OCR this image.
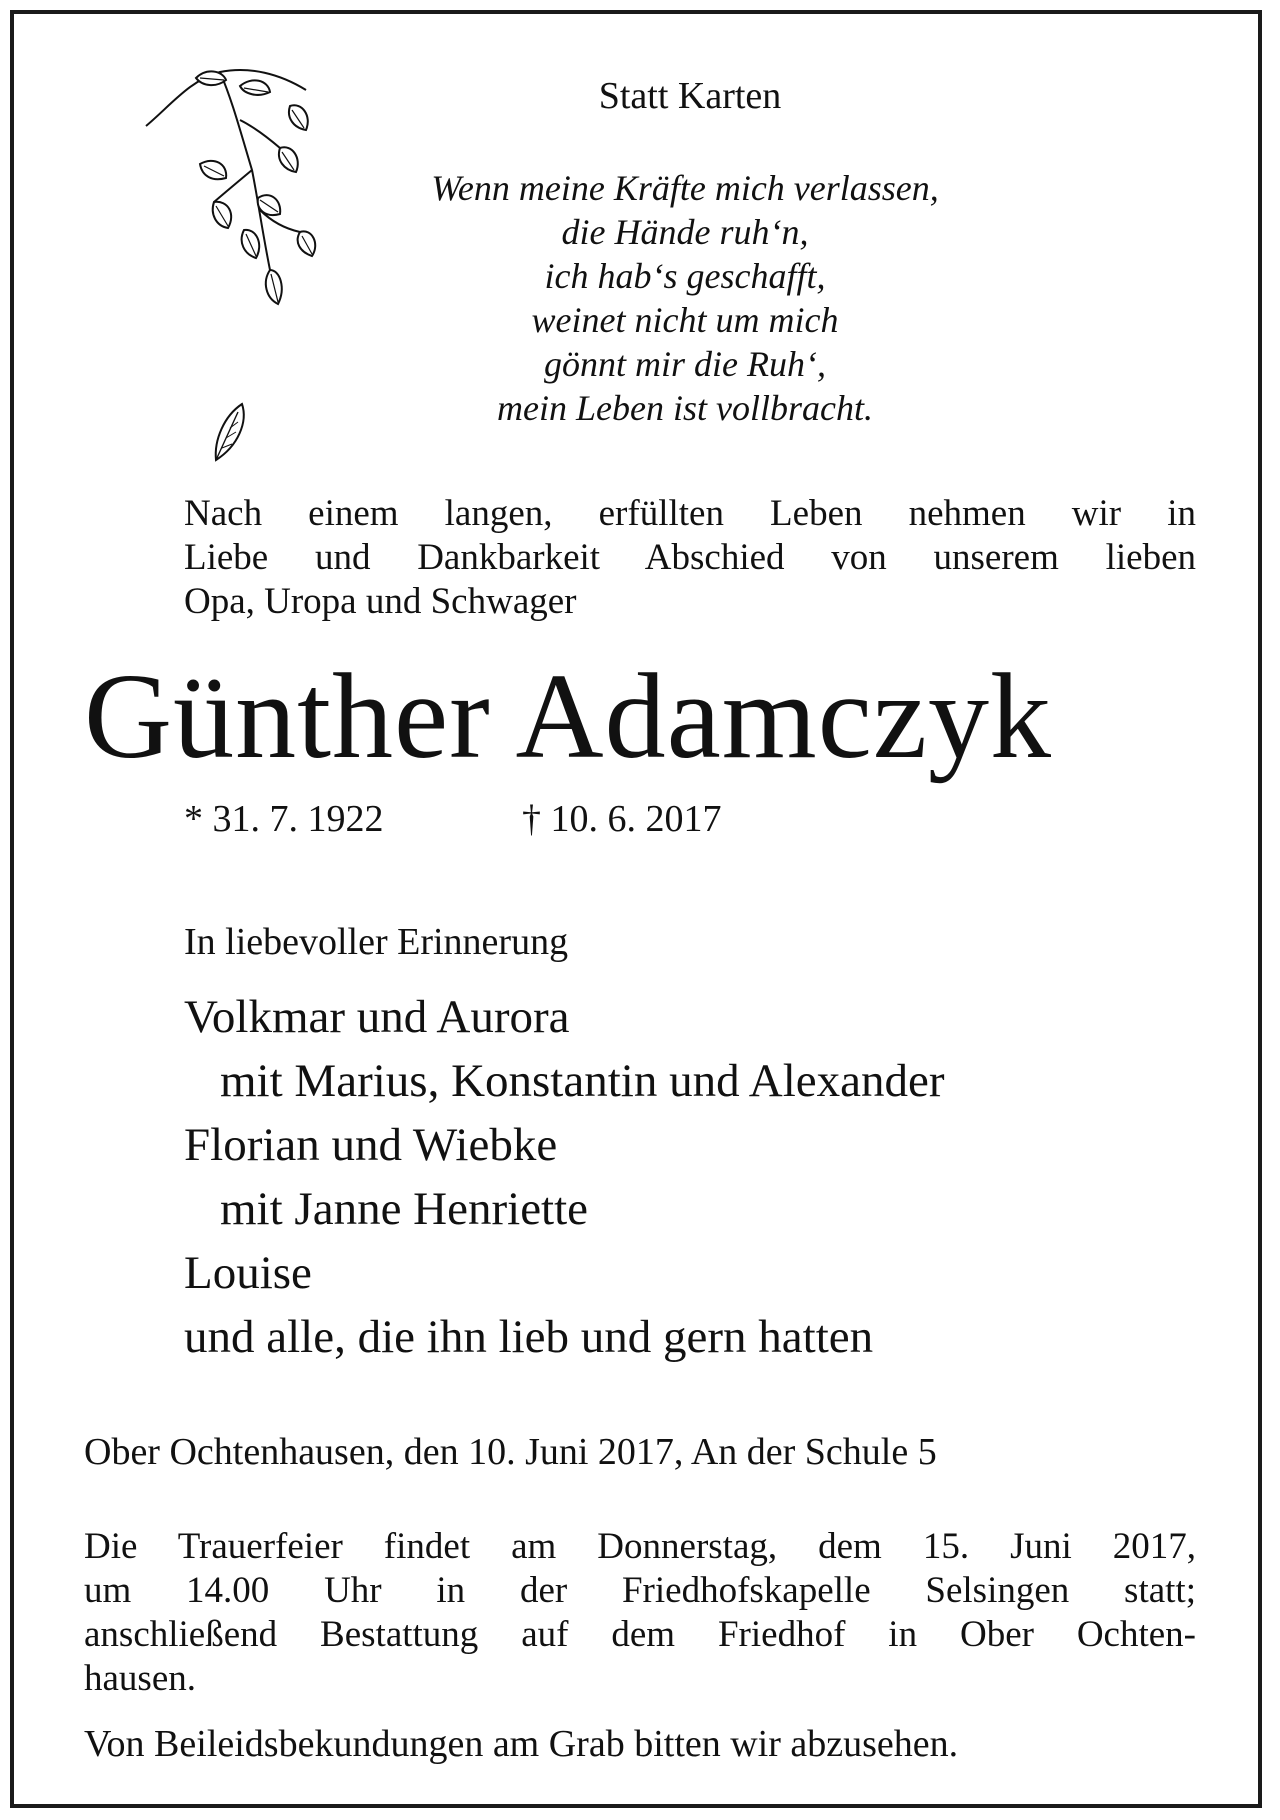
Statt Karten

Wenn meine Kräfte mich verlassen,
die Hände ruh‘n,
ich hab‘s geschafft,
weinet nicht um mich
gönnt mir die Ruh‘,
mein Leben ist vollbracht.
Nach einem langen, erfüllten Leben nehmen wir in
Liebe und Dankbarkeit Abschied von unserem lieben
Opa, Uropa und Schwager

Günther Adamczyk

* 31. 7. 1922	† 10. 6. 2017

In liebevoller Erinnerung

Volkmar und Aurora
mit Marius, Konstantin und Alexander
Florian und Wiebke
mit Janne Henriette
Louise
und alle, die ihn lieb und gern hatten

Ober Ochtenhausen, den 10. Juni 2017, An der Schule 5

Die Trauerfeier findet am Donnerstag, dem 15. Juni 2017,
um 14.00 Uhr in der Friedhofskapelle Selsingen statt;
anschließend Bestattung auf dem Friedhof in Ober Ochten-
hausen.

Von Beileidsbekundungen am Grab bitten wir abzusehen.
